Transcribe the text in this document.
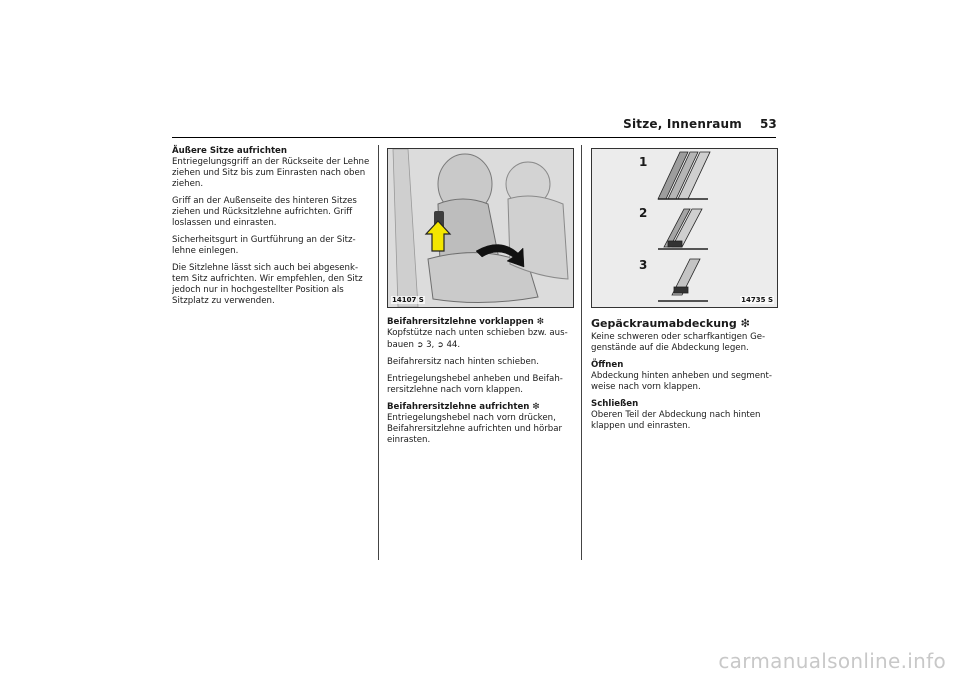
Sitze, Innenraum 53

Äußere Sitze aufrichten
Entriegelungsgriff an der Rückseite der Lehne ziehen und Sitz bis zum Einrasten nach oben ziehen.

Griff an der Außenseite des hinteren Sitzes ziehen und Rücksitzlehne aufrichten. Griff loslassen und einrasten.

Sicherheitsgurt in Gurtführung an der Sitz-lehne einlegen.

Die Sitzlehne lässt sich auch bei abgesenk-tem Sitz aufrichten. Wir empfehlen, den Sitz jedoch nur in hochgestellter Position als Sitzplatz zu verwenden.	14107 S

Beifahrersitzlehne vorklappen ❇
Kopfstütze nach unten schieben bzw. aus-bauen ➲ 3, ➲ 44.

Beifahrersitz nach hinten schieben.

Entriegelungshebel anheben und Beifah-rersitzlehne nach vorn klappen.

Beifahrersitzlehne aufrichten ❇
Entriegelungshebel nach vorn drücken, Beifahrersitzlehne aufrichten und hörbar einrasten.

1
2
3
14735 S

Gepäckraumabdeckung ❇
Keine schweren oder scharfkantigen Ge-genstände auf die Abdeckung legen.

Öffnen
Abdeckung hinten anheben und segment-weise nach vorn klappen.

Schließen
Oberen Teil der Abdeckung nach hinten klappen und einrasten.

carmanualsonline.info
